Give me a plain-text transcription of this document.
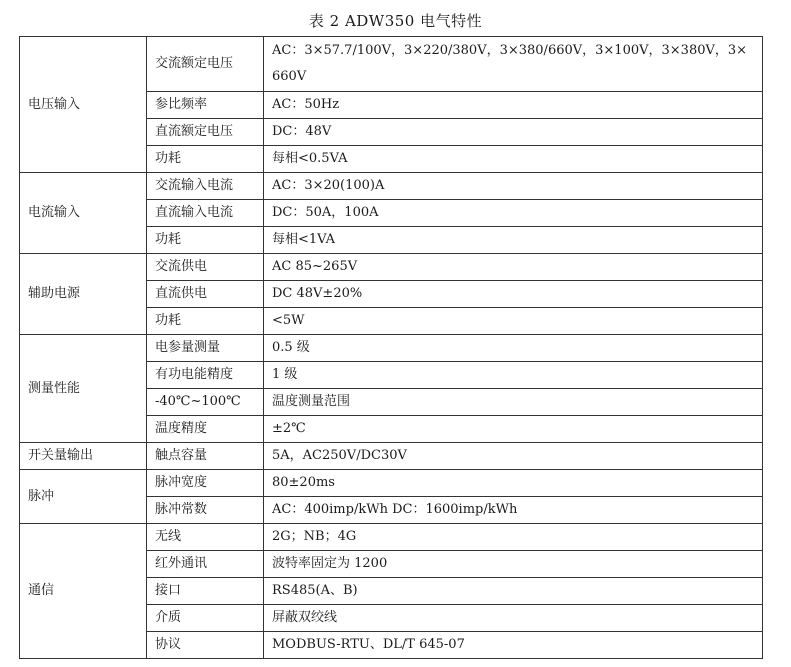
表 2 ADW350 电气特性
电压输入	交流额定电压	AC：3×57.7/100V，3×220/380V，3×380/660V，3×100V，3×380V，3×660V
	参比频率	AC：50Hz
	直流额定电压	DC：48V
	功耗	每相<0.5VA
电流输入	交流输入电流	AC：3×20(100)A
	直流输入电流	DC：50A，100A
	功耗	每相<1VA
辅助电源	交流供电	AC 85~265V
	直流供电	DC 48V±20%
	功耗	<5W
测量性能	电参量测量	0.5 级
	有功电能精度	1 级
	-40℃~100℃	温度测量范围
	温度精度	±2℃
开关量输出	触点容量	5A，AC250V/DC30V
脉冲	脉冲宽度	80±20ms
	脉冲常数	AC：400imp/kWh DC：1600imp/kWh
通信	无线	2G；NB；4G
	红外通讯	波特率固定为 1200
	接口	RS485(A、B)
	介质	屏蔽双绞线
	协议	MODBUS-RTU、DL/T 645-07
